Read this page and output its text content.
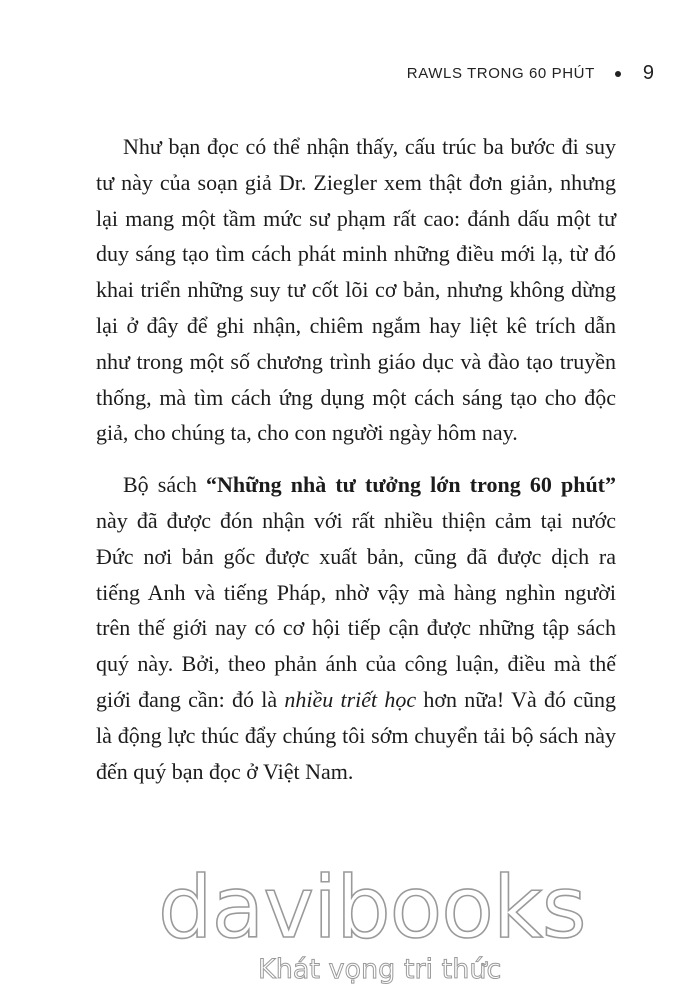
RAWLS TRONG 60 PHÚT 9

Như bạn đọc có thể nhận thấy, cấu trúc ba bước đi suy tư này của soạn giả Dr. Ziegler xem thật đơn giản, nhưng lại mang một tầm mức sư phạm rất cao: đánh dấu một tư duy sáng tạo tìm cách phát minh những điều mới lạ, từ đó khai triển những suy tư cốt lõi cơ bản, nhưng không dừng lại ở đây để ghi nhận, chiêm ngắm hay liệt kê trích dẫn như trong một số chương trình giáo dục và đào tạo truyền thống, mà tìm cách ứng dụng một cách sáng tạo cho độc giả, cho chúng ta, cho con người ngày hôm nay.

Bộ sách “Những nhà tư tưởng lớn trong 60 phút” này đã được đón nhận với rất nhiều thiện cảm tại nước Đức nơi bản gốc được xuất bản, cũng đã được dịch ra tiếng Anh và tiếng Pháp, nhờ vậy mà hàng nghìn người trên thế giới nay có cơ hội tiếp cận được những tập sách quý này. Bởi, theo phản ánh của công luận, điều mà thế giới đang cần: đó là nhiều triết học hơn nữa! Và đó cũng là động lực thúc đẩy chúng tôi sớm chuyển tải bộ sách này đến quý bạn đọc ở Việt Nam.

davibooks
Khát vọng tri thức
